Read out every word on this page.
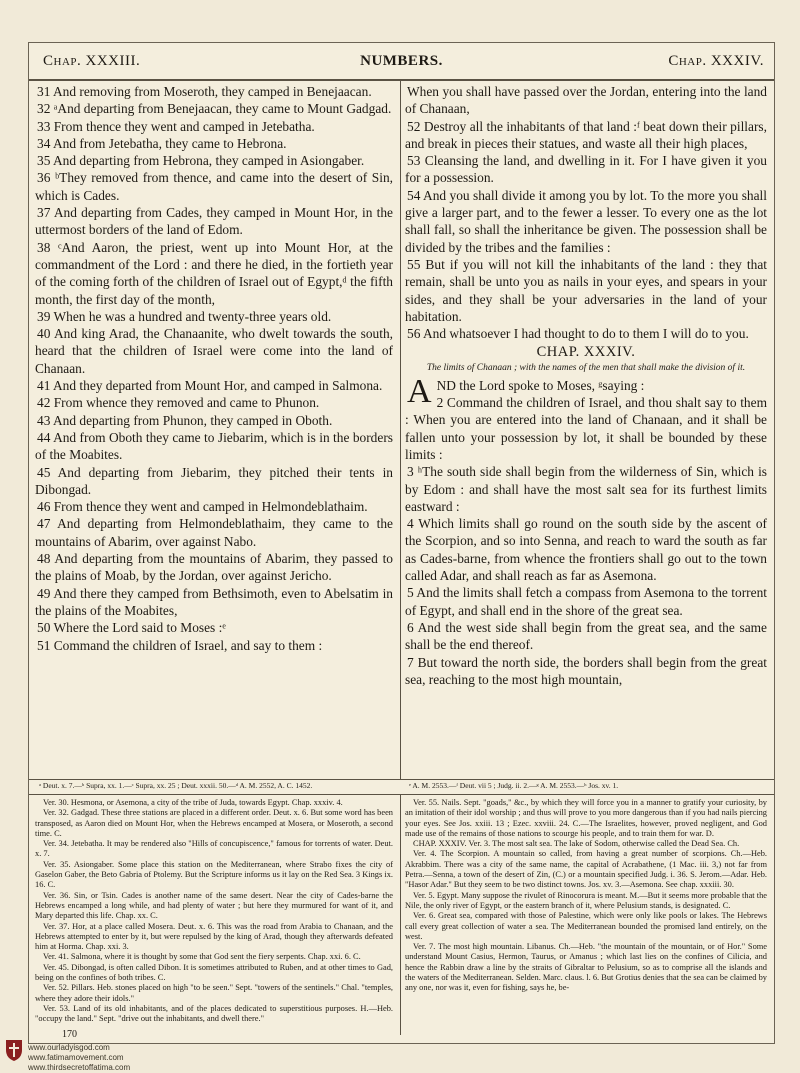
Chap. XXXIII.	NUMBERS.	Chap. XXXIV.

31 And removing from Moseroth, they camped in Benejaacan.

32 ᵃAnd departing from Benejaacan, they came to Mount Gadgad.

33 From thence they went and camped in Jetebatha.

34 And from Jetebatha, they came to Hebrona.

35 And departing from Hebrona, they camped in Asiongaber.

36 ᵇThey removed from thence, and came into the desert of Sin, which is Cades.

37 And departing from Cades, they camped in Mount Hor, in the uttermost borders of the land of Edom.

38 ᶜAnd Aaron, the priest, went up into Mount Hor, at the commandment of the Lord : and there he died, in the fortieth year of the coming forth of the children of Israel out of Egypt,ᵈ the fifth month, the first day of the month,

39 When he was a hundred and twenty-three years old.

40 And king Arad, the Chanaanite, who dwelt towards the south, heard that the children of Israel were come into the land of Chanaan.

41 And they departed from Mount Hor, and camped in Salmona.

42 From whence they removed and came to Phunon.

43 And departing from Phunon, they camped in Oboth.

44 And from Oboth they came to Jiebarim, which is in the borders of the Moabites.

45 And departing from Jiebarim, they pitched their tents in Dibongad.

46 From thence they went and camped in Helmondeblathaim.

47 And departing from Helmondeblathaim, they came to the mountains of Abarim, over against Nabo.

48 And departing from the mountains of Abarim, they passed to the plains of Moab, by the Jordan, over against Jericho.

49 And there they camped from Bethsimoth, even to Abelsatim in the plains of the Moabites,

50 Where the Lord said to Moses :ᵉ

51 Command the children of Israel, and say to them :

When you shall have passed over the Jordan, entering into the land of Chanaan,

52 Destroy all the inhabitants of that land :ᶠ beat down their pillars, and break in pieces their statues, and waste all their high places,

53 Cleansing the land, and dwelling in it. For I have given it you for a possession.

54 And you shall divide it among you by lot. To the more you shall give a larger part, and to the fewer a lesser. To every one as the lot shall fall, so shall the inheritance be given. The possession shall be divided by the tribes and the families :

55 But if you will not kill the inhabitants of the land : they that remain, shall be unto you as nails in your eyes, and spears in your sides, and they shall be your adversaries in the land of your habitation.

56 And whatsoever I had thought to do to them I will do to you.

CHAP. XXXIV.
The limits of Chanaan ; with the names of the men that shall make the division of it.

AND the Lord spoke to Moses, ᵍsaying :

2 Command the children of Israel, and thou shalt say to them : When you are entered into the land of Chanaan, and it shall be fallen unto your possession by lot, it shall be bounded by these limits :

3 ʰThe south side shall begin from the wilderness of Sin, which is by Edom : and shall have the most salt sea for its furthest limits eastward :

4 Which limits shall go round on the south side by the ascent of the Scorpion, and so into Senna, and reach to ward the south as far as Cades-barne, from whence the frontiers shall go out to the town called Adar, and shall reach as far as Asemona.

5 And the limits shall fetch a compass from Asemona to the torrent of Egypt, and shall end in the shore of the great sea.

6 And the west side shall begin from the great sea, and the same shall be the end thereof.

7 But toward the north side, the borders shall begin from the great sea, reaching to the most high mountain,

ᵃ Deut. x. 7.—ᵇ Supra, xx. 1.—ᶜ Supra, xx. 25 ; Deut. xxxii. 50.—ᵈ A. M. 2552, A. C. 1452.	ᵉ A. M. 2553.—ᶠ Deut. vii 5 ; Judg. ii. 2.—ᵍ A. M. 2553.—ʰ Jos. xv. 1.

Ver. 30. Hesmona, or Asemona, a city of the tribe of Juda, towards Egypt. Chap. xxxiv. 4.

Ver. 32. Gadgad. These three stations are placed in a different order. Deut. x. 6. But some word has been transposed, as Aaron died on Mount Hor, when the Hebrews encamped at Mosera, or Moseroth, a second time. C.

Ver. 34. Jetebatha. It may be rendered also "Hills of concupiscence," famous for torrents of water. Deut. x. 7.

Ver. 35. Asiongaber. Some place this station on the Mediterranean, where Strabo fixes the city of Gaselon Gaber, the Beto Gabria of Ptolemy. But the Scripture informs us it lay on the Red Sea. 3 Kings ix. 16. C.

Ver. 36. Sin, or Tsin. Cades is another name of the same desert. Near the city of Cades-barne the Hebrews encamped a long while, and had plenty of water ; but here they murmured for want of it, and Mary departed this life. Chap. xx. C.

Ver. 37. Hor, at a place called Mosera. Deut. x. 6. This was the road from Arabia to Chanaan, and the Hebrews attempted to enter by it, but were repulsed by the king of Arad, though they afterwards defeated him at Horma. Chap. xxi. 3.

Ver. 41. Salmona, where it is thought by some that God sent the fiery serpents. Chap. xxi. 6. C.

Ver. 45. Dibongad, is often called Dibon. It is sometimes attributed to Ruben, and at other times to Gad, being on the confines of both tribes. C.

Ver. 52. Pillars. Heb. stones placed on high "to be seen." Sept. "towers of the sentinels." Chal. "temples, where they adore their idols."

Ver. 53. Land of its old inhabitants, and of the places dedicated to superstitious purposes. H.—Heb. "occupy the land." Sept. "drive out the inhabitants, and dwell there."

Ver. 55. Nails. Sept. "goads," &c., by which they will force you in a manner to gratify your curiosity, by an imitation of their idol worship ; and thus will prove to you more dangerous than if you had nails piercing your eyes. See Jos. xxiii. 13 ; Ezec. xxviii. 24. C.—The Israelites, however, proved negligent, and God made use of the remains of those nations to scourge his people, and to train them for war. D.

CHAP. XXXIV. Ver. 3. The most salt sea. The lake of Sodom, otherwise called the Dead Sea. Ch.

Ver. 4. The Scorpion. A mountain so called, from having a great number of scorpions. Ch.—Heb. Akrabbim. There was a city of the same name, the capital of Acrabathene, (1 Mac. iii. 3,) not far from Petra.—Senna, a town of the desert of Zin, (C.) or a mountain specified Judg. i. 36. S. Jerom.—Adar. Heb. "Hasor Adar." But they seem to be two distinct towns. Jos. xv. 3.—Asemona. See chap. xxxiii. 30.

Ver. 5. Egypt. Many suppose the rivulet of Rinocorura is meant. M.—But it seems more probable that the Nile, the only river of Egypt, or the eastern branch of it, where Pelusium stands, is designated. C.

Ver. 6. Great sea, compared with those of Palestine, which were only like pools or lakes. The Hebrews call every great collection of water a sea. The Mediterranean bounded the promised land entirely, on the west.

Ver. 7. The most high mountain. Libanus. Ch.—Heb. "the mountain of the mountain, or of Hor." Some understand Mount Casius, Hermon, Taurus, or Amanus ; which last lies on the confines of Cilicia, and hence the Rabbin draw a line by the straits of Gibraltar to Pelusium, so as to comprise all the islands and the waters of the Mediterranean. Selden. Marc. claus. l. 6. But Grotius denies that the sea can be claimed by any one, nor was it, even for fishing, says he, be-

170
www.ourladyisgod.com
www.fatimamovement.com
www.thirdsecretoffatima.com
